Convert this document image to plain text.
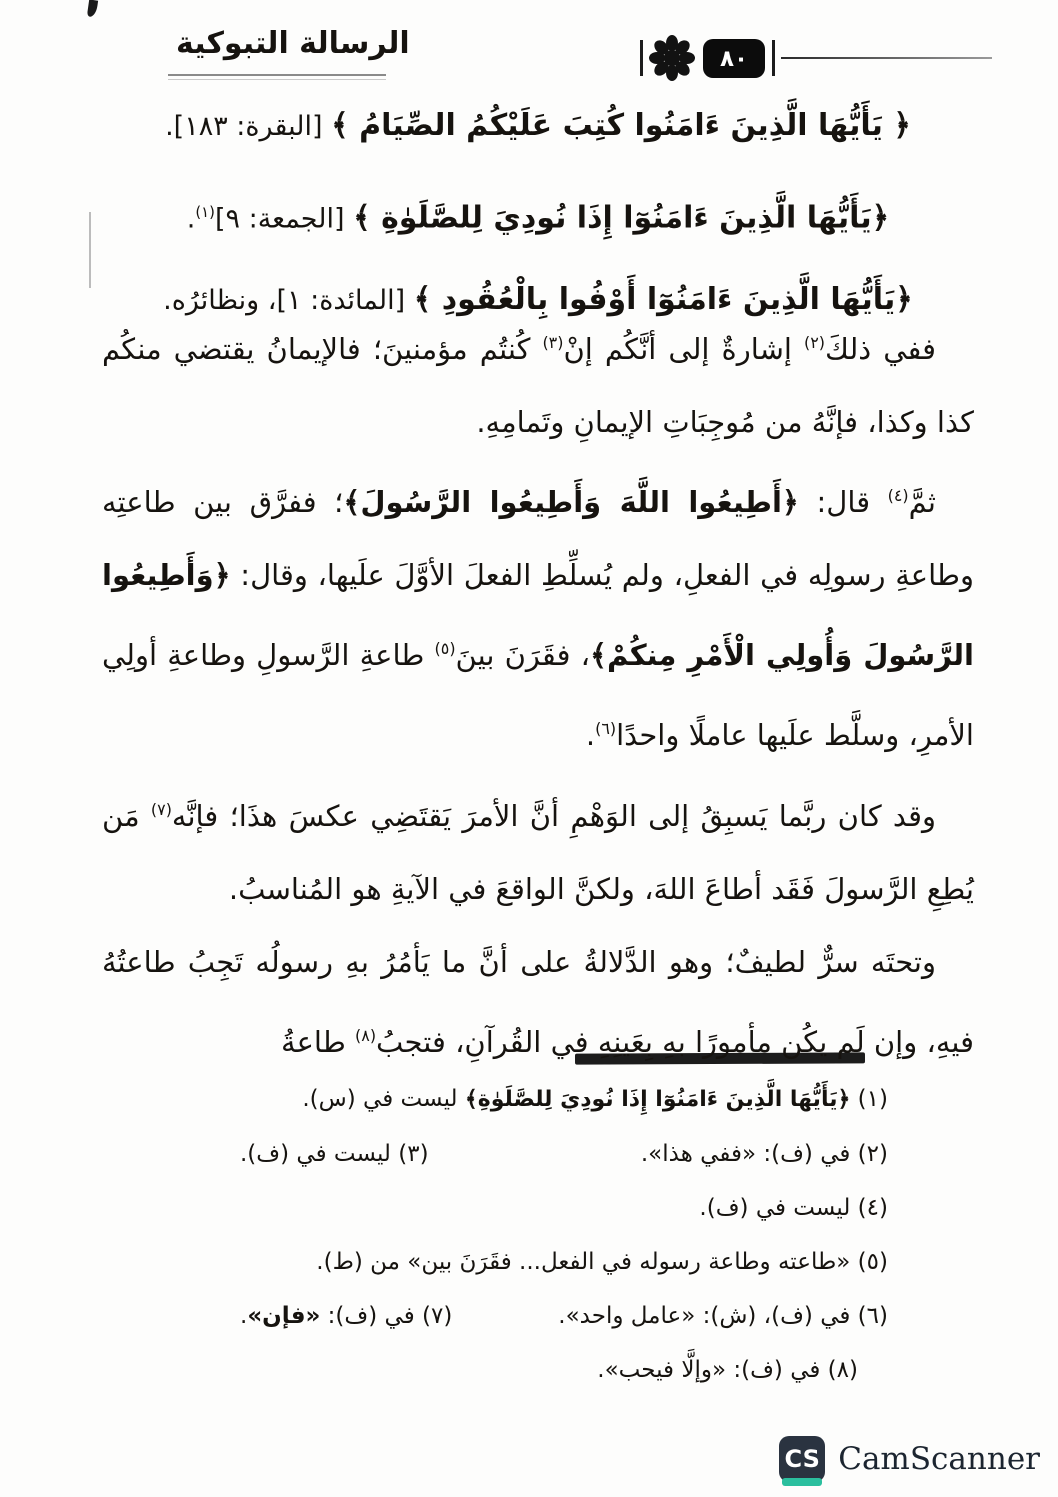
الرسالة التبوكية	٨٠
﴿ يَأَيُّهَا الَّذِينَ ءَامَنُوا كُتِبَ عَلَيْكُمُ الصِّيَامُ ﴾ [البقرة: ١٨٣].
﴿يَأَيُّهَا الَّذِينَ ءَامَنُوٓا إِذَا نُودِيَ لِلصَّلَوٰةِ ﴾ [الجمعة: ٩]$^{(١)}$.
﴿يَأَيُّهَا الَّذِينَ ءَامَنُوٓا أَوْفُوا بِالْعُقُودِ ﴾ [المائدة: ١]، ونظائرُه.

ففي ذلكَ$^{(٢)}$ إشارةٌ إلى أنَّكُم إنْ$^{(٣)}$ كُنتُم مؤمنينَ؛ فالإيمانُ يقتضي منكُم كذا وكذا، فإنَّهُ من مُوجِبَاتِ الإيمانِ وتَمامِهِ.

ثمَّ$^{(٤)}$ قال: ﴿أَطِيعُوا اللَّهَ وَأَطِيعُوا الرَّسُولَ﴾؛ ففرَّق بين طاعتِه وطاعةِ رسولِه في الفعلِ، ولم يُسلِّطِ الفعلَ الأوَّلَ علَيها، وقال: ﴿وَأَطِيعُوا الرَّسُولَ وَأُولِي الْأَمْرِ مِنكُمْ﴾، فقَرَنَ بينَ$^{(٥)}$ طاعةِ الرَّسولِ وطاعةِ أولِي الأمرِ، وسلَّط علَيها عاملًا واحدًا$^{(٦)}$.

وقد كان ربَّما يَسبِقُ إلى الوَهْمِ أنَّ الأمرَ يَقتَضِي عكسَ هذَا؛ فإنَّه$^{(٧)}$ مَن يُطِعِ الرَّسولَ فَقَد أطاعَ اللهَ، ولكنَّ الواقعَ في الآيةِ هو المُناسبُ.

وتحتَه سرٌّ لطيفٌ؛ وهو الدَّلالةُ على أنَّ ما يَأمُرُ بهِ رسولُه تَجِبُ طاعتُهُ فيهِ، وإن لَم يكُن مأمورًا بهِ بِعَينِهِ في القُرآنِ، فتجبُ$^{(٨)}$ طاعةُ

(١) ﴿يَأَيُّهَا الَّذِينَ ءَامَنُوٓا إِذَا نُودِيَ لِلصَّلَوٰةِ﴾ ليست في (س).
(٢) في (ف): «ففي هذا».
(٣) ليست في (ف).
(٤) ليست في (ف).
(٥) «طاعته وطاعة رسوله في الفعل... فقَرَنَ بين» من (ط).
(٦) في (ف)، (ش): «عامل واحد».
(٧) في (ف): «فإن».
(٨) في (ف): «وإلَّا فيحب».
CS CamScanner
